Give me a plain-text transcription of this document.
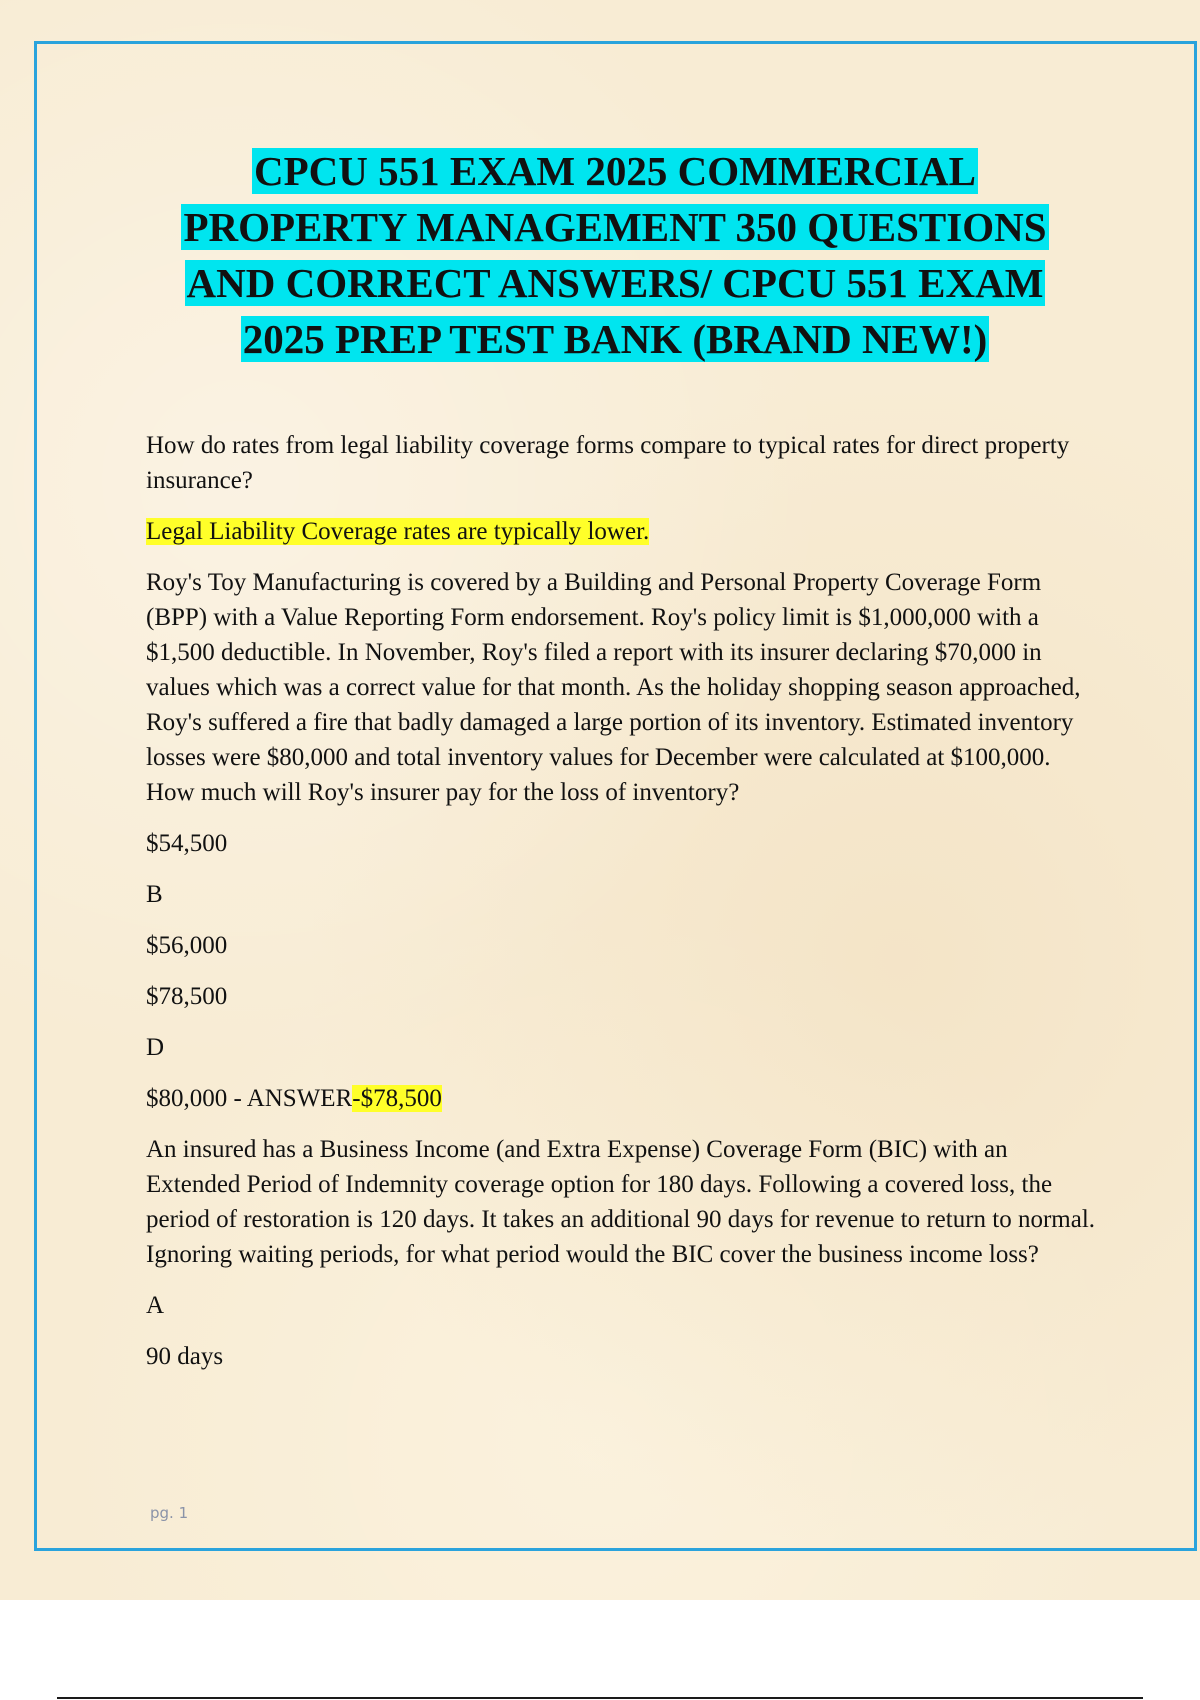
CPCU 551 EXAM 2025 COMMERCIAL
PROPERTY MANAGEMENT 350 QUESTIONS
AND CORRECT ANSWERS/ CPCU 551 EXAM
2025 PREP TEST BANK (BRAND NEW!)

How do rates from legal liability coverage forms compare to typical rates for direct property insurance?

Legal Liability Coverage rates are typically lower.

Roy's Toy Manufacturing is covered by a Building and Personal Property Coverage Form (BPP) with a Value Reporting Form endorsement. Roy's policy limit is $1,000,000 with a $1,500 deductible. In November, Roy's filed a report with its insurer declaring $70,000 in values which was a correct value for that month. As the holiday shopping season approached, Roy's suffered a fire that badly damaged a large portion of its inventory. Estimated inventory losses were $80,000 and total inventory values for December were calculated at $100,000. How much will Roy's insurer pay for the loss of inventory?

$54,500

B

$56,000

$78,500

D

$80,000 - ANSWER-$78,500

An insured has a Business Income (and Extra Expense) Coverage Form (BIC) with an Extended Period of Indemnity coverage option for 180 days. Following a covered loss, the period of restoration is 120 days. It takes an additional 90 days for revenue to return to normal. Ignoring waiting periods, for what period would the BIC cover the business income loss?

A

90 days

pg. 1
